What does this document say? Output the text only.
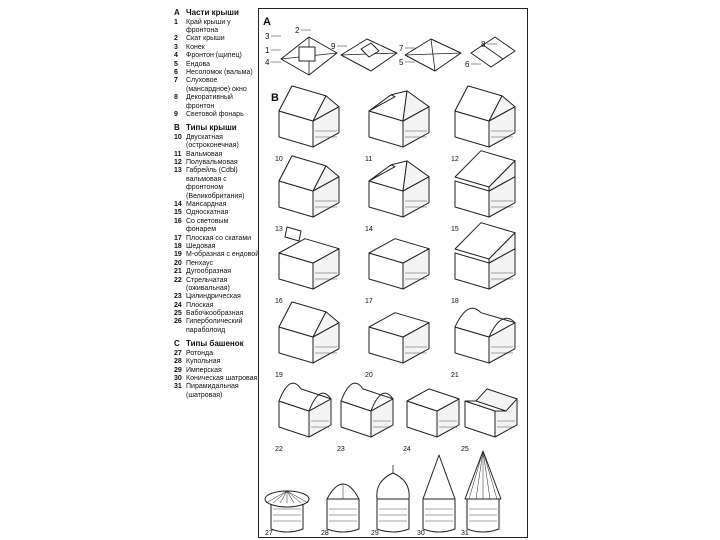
А Части крыши
1	Край крыши у фронтона
2	Скат крыши
3	Конек
4	Фронтон (щипец)
5	Ендова
6	Несоломок (вальма)
7	Слуховое (мансардное) окно
8	Декоративный фронтон
9	Световой фонарь
В Типы крыши
10 Двускатная (остроконечная)
11 Вальмовая
12 Полувальмовая
13 Габрейль (Cdbl) вальмовая с фронтоном (Великобритания)
14 Мансардная
15 Односкатная
16 Со световым фонарем
17 Плоская со скатами
18 Шедовая
19 М-образная с ендовой
20 Пенхаус
21 Дугообразная
22 Стрельчатая (оживальная)
23 Цилиндрическая
24 Плоская
25 Бабочкообразная
26 Гиперболический параболоид
С Типы башенок
27 Ротонда
28 Купольная
29 Имперская
30 Коническая шатровая
31 Пирамидальная (шатровая)
A
B
3
1
4
2
9	7
5
8
6
10	11	12
13	14	15
16	17	18
19	20	21
22	23	24	25
27	28	29	30	31
